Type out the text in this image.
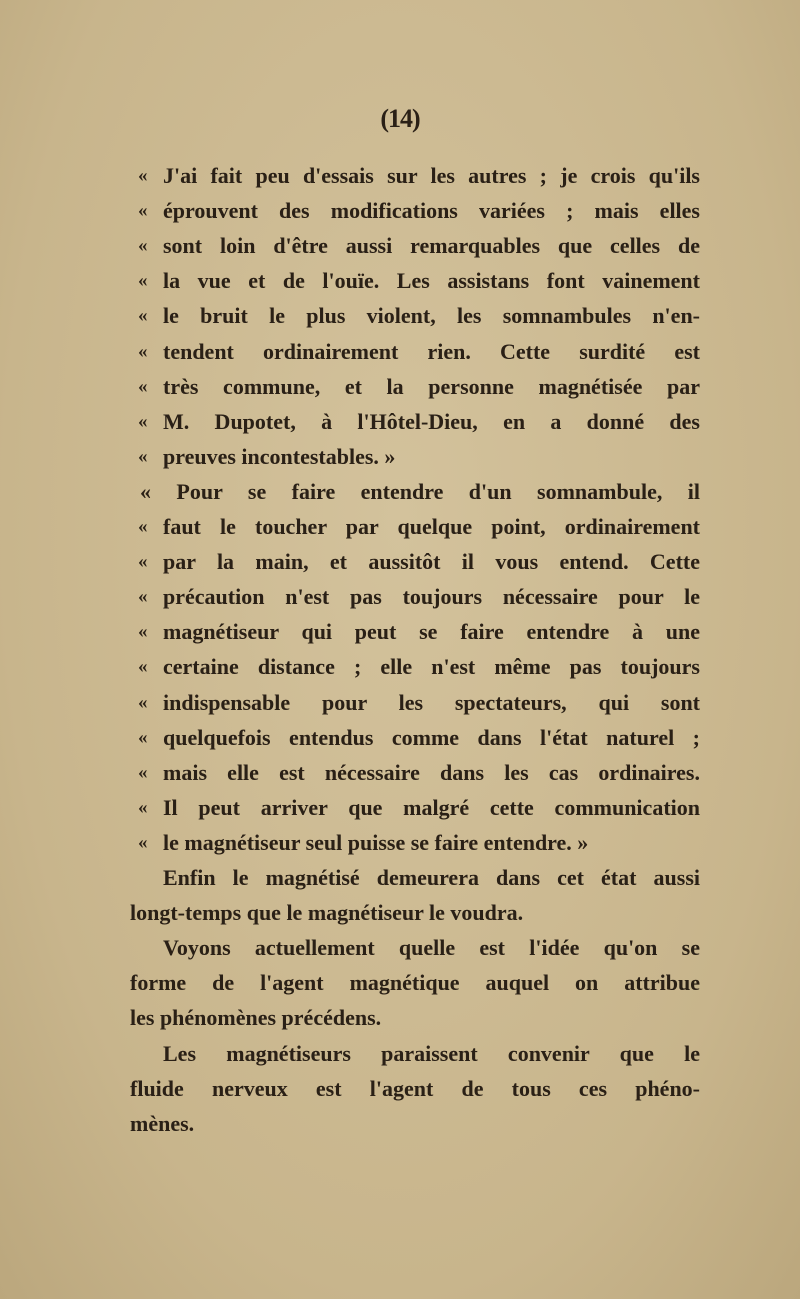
(14)
« J'ai fait peu d'essais sur les autres ; je crois qu'ils
« éprouvent des modifications variées ; mais elles
« sont loin d'être aussi remarquables que celles de
« la vue et de l'ouïe. Les assistans font vainement
« le bruit le plus violent, les somnambules n'en-
« tendent ordinairement rien. Cette surdité est
« très commune, et la personne magnétisée par
« M. Dupotet, à l'Hôtel-Dieu, en a donné des
« preuves incontestables. »
« Pour se faire entendre d'un somnambule, il
« faut le toucher par quelque point, ordinairement
« par la main, et aussitôt il vous entend. Cette
« précaution n'est pas toujours nécessaire pour le
« magnétiseur qui peut se faire entendre à une
« certaine distance ; elle n'est même pas toujours
« indispensable pour les spectateurs, qui sont
« quelquefois entendus comme dans l'état naturel ;
« mais elle est nécessaire dans les cas ordinaires.
« Il peut arriver que malgré cette communication
« le magnétiseur seul puisse se faire entendre. »
Enfin le magnétisé demeurera dans cet état aussi
longt-temps que le magnétiseur le voudra.
Voyons actuellement quelle est l'idée qu'on se
forme de l'agent magnétique auquel on attribue
les phénomènes précédens.
Les magnétiseurs paraissent convenir que le
fluide nerveux est l'agent de tous ces phéno-
mènes.
